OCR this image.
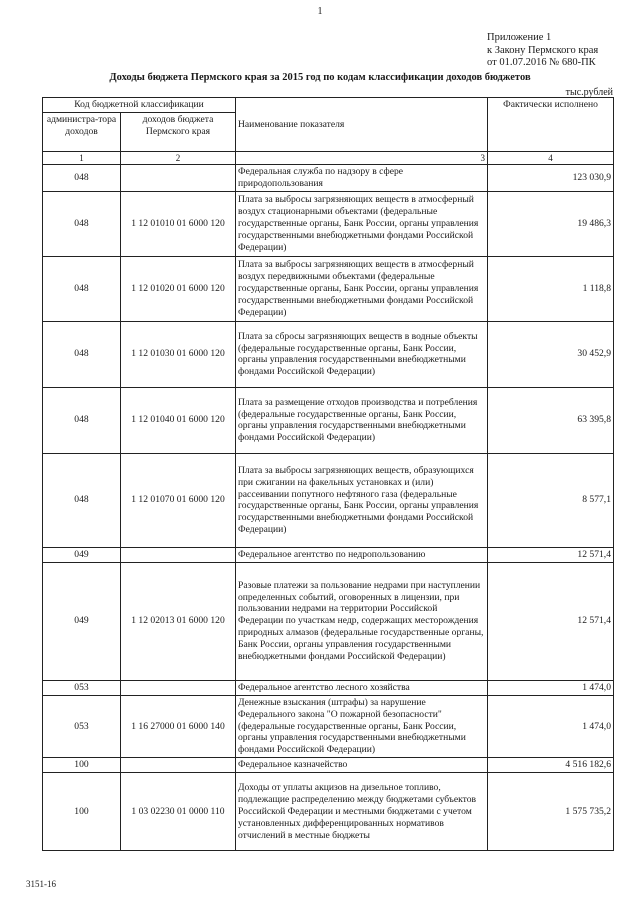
1
Приложение 1
к Закону Пермского края
от 01.07.2016 № 680-ПК
Доходы бюджета Пермского края за 2015 год по кодам классификации доходов бюджетов
тыс.рублей
Код бюджетной классификации		Наименование показателя	Фактически исполнено
администра-тора доходов	доходов бюджета Пермского края		
1	2	3	4
048		Федеральная служба по надзору в сфере природопользования	123 030,9
048	1 12 01010 01 6000 120	Плата за выбросы загрязняющих веществ в атмосферный воздух стационарными объектами (федеральные государственные органы, Банк России, органы управления государственными внебюджетными фондами Российской Федерации)	19 486,3
048	1 12 01020 01 6000 120	Плата за выбросы загрязняющих веществ в атмосферный воздух передвижными объектами (федеральные государственные органы, Банк России, органы управления государственными внебюджетными фондами Российской Федерации)	1 118,8
048	1 12 01030 01 6000 120	Плата за сбросы загрязняющих веществ в водные объекты (федеральные государственные органы, Банк России, органы управления государственными внебюджетными фондами Российской Федерации)	30 452,9
048	1 12 01040 01 6000 120	Плата за размещение отходов производства и потребления (федеральные государственные органы, Банк России, органы управления государственными внебюджетными фондами Российской Федерации)	63 395,8
048	1 12 01070 01 6000 120	Плата за выбросы загрязняющих веществ, образующихся при сжигании на факельных установках и (или) рассеивании попутного нефтяного газа (федеральные государственные органы, Банк России, органы управления государственными внебюджетными фондами Российской Федерации)	8 577,1
049		Федеральное агентство по недропользованию	12 571,4
049	1 12 02013 01 6000 120	Разовые платежи за пользование недрами при наступлении определенных событий, оговоренных в лицензии, при пользовании недрами на территории Российской Федерации по участкам недр, содержащих месторождения природных алмазов (федеральные государственные органы, Банк России, органы управления государственными внебюджетными фондами Российской Федерации)	12 571,4
053		Федеральное агентство лесного хозяйства	1 474,0
053	1 16 27000 01 6000 140	Денежные взыскания (штрафы) за нарушение Федерального закона "О пожарной безопасности" (федеральные государственные органы, Банк России, органы управления государственными внебюджетными фондами Российской Федерации)	1 474,0
100		Федеральное казначейство	4 516 182,6
100	1 03 02230 01 0000 110	Доходы от уплаты акцизов на дизельное топливо, подлежащие распределению между бюджетами субъектов Российской Федерации и местными бюджетами с учетом установленных дифференцированных нормативов отчислений в местные бюджеты	1 575 735,2
3151-16
